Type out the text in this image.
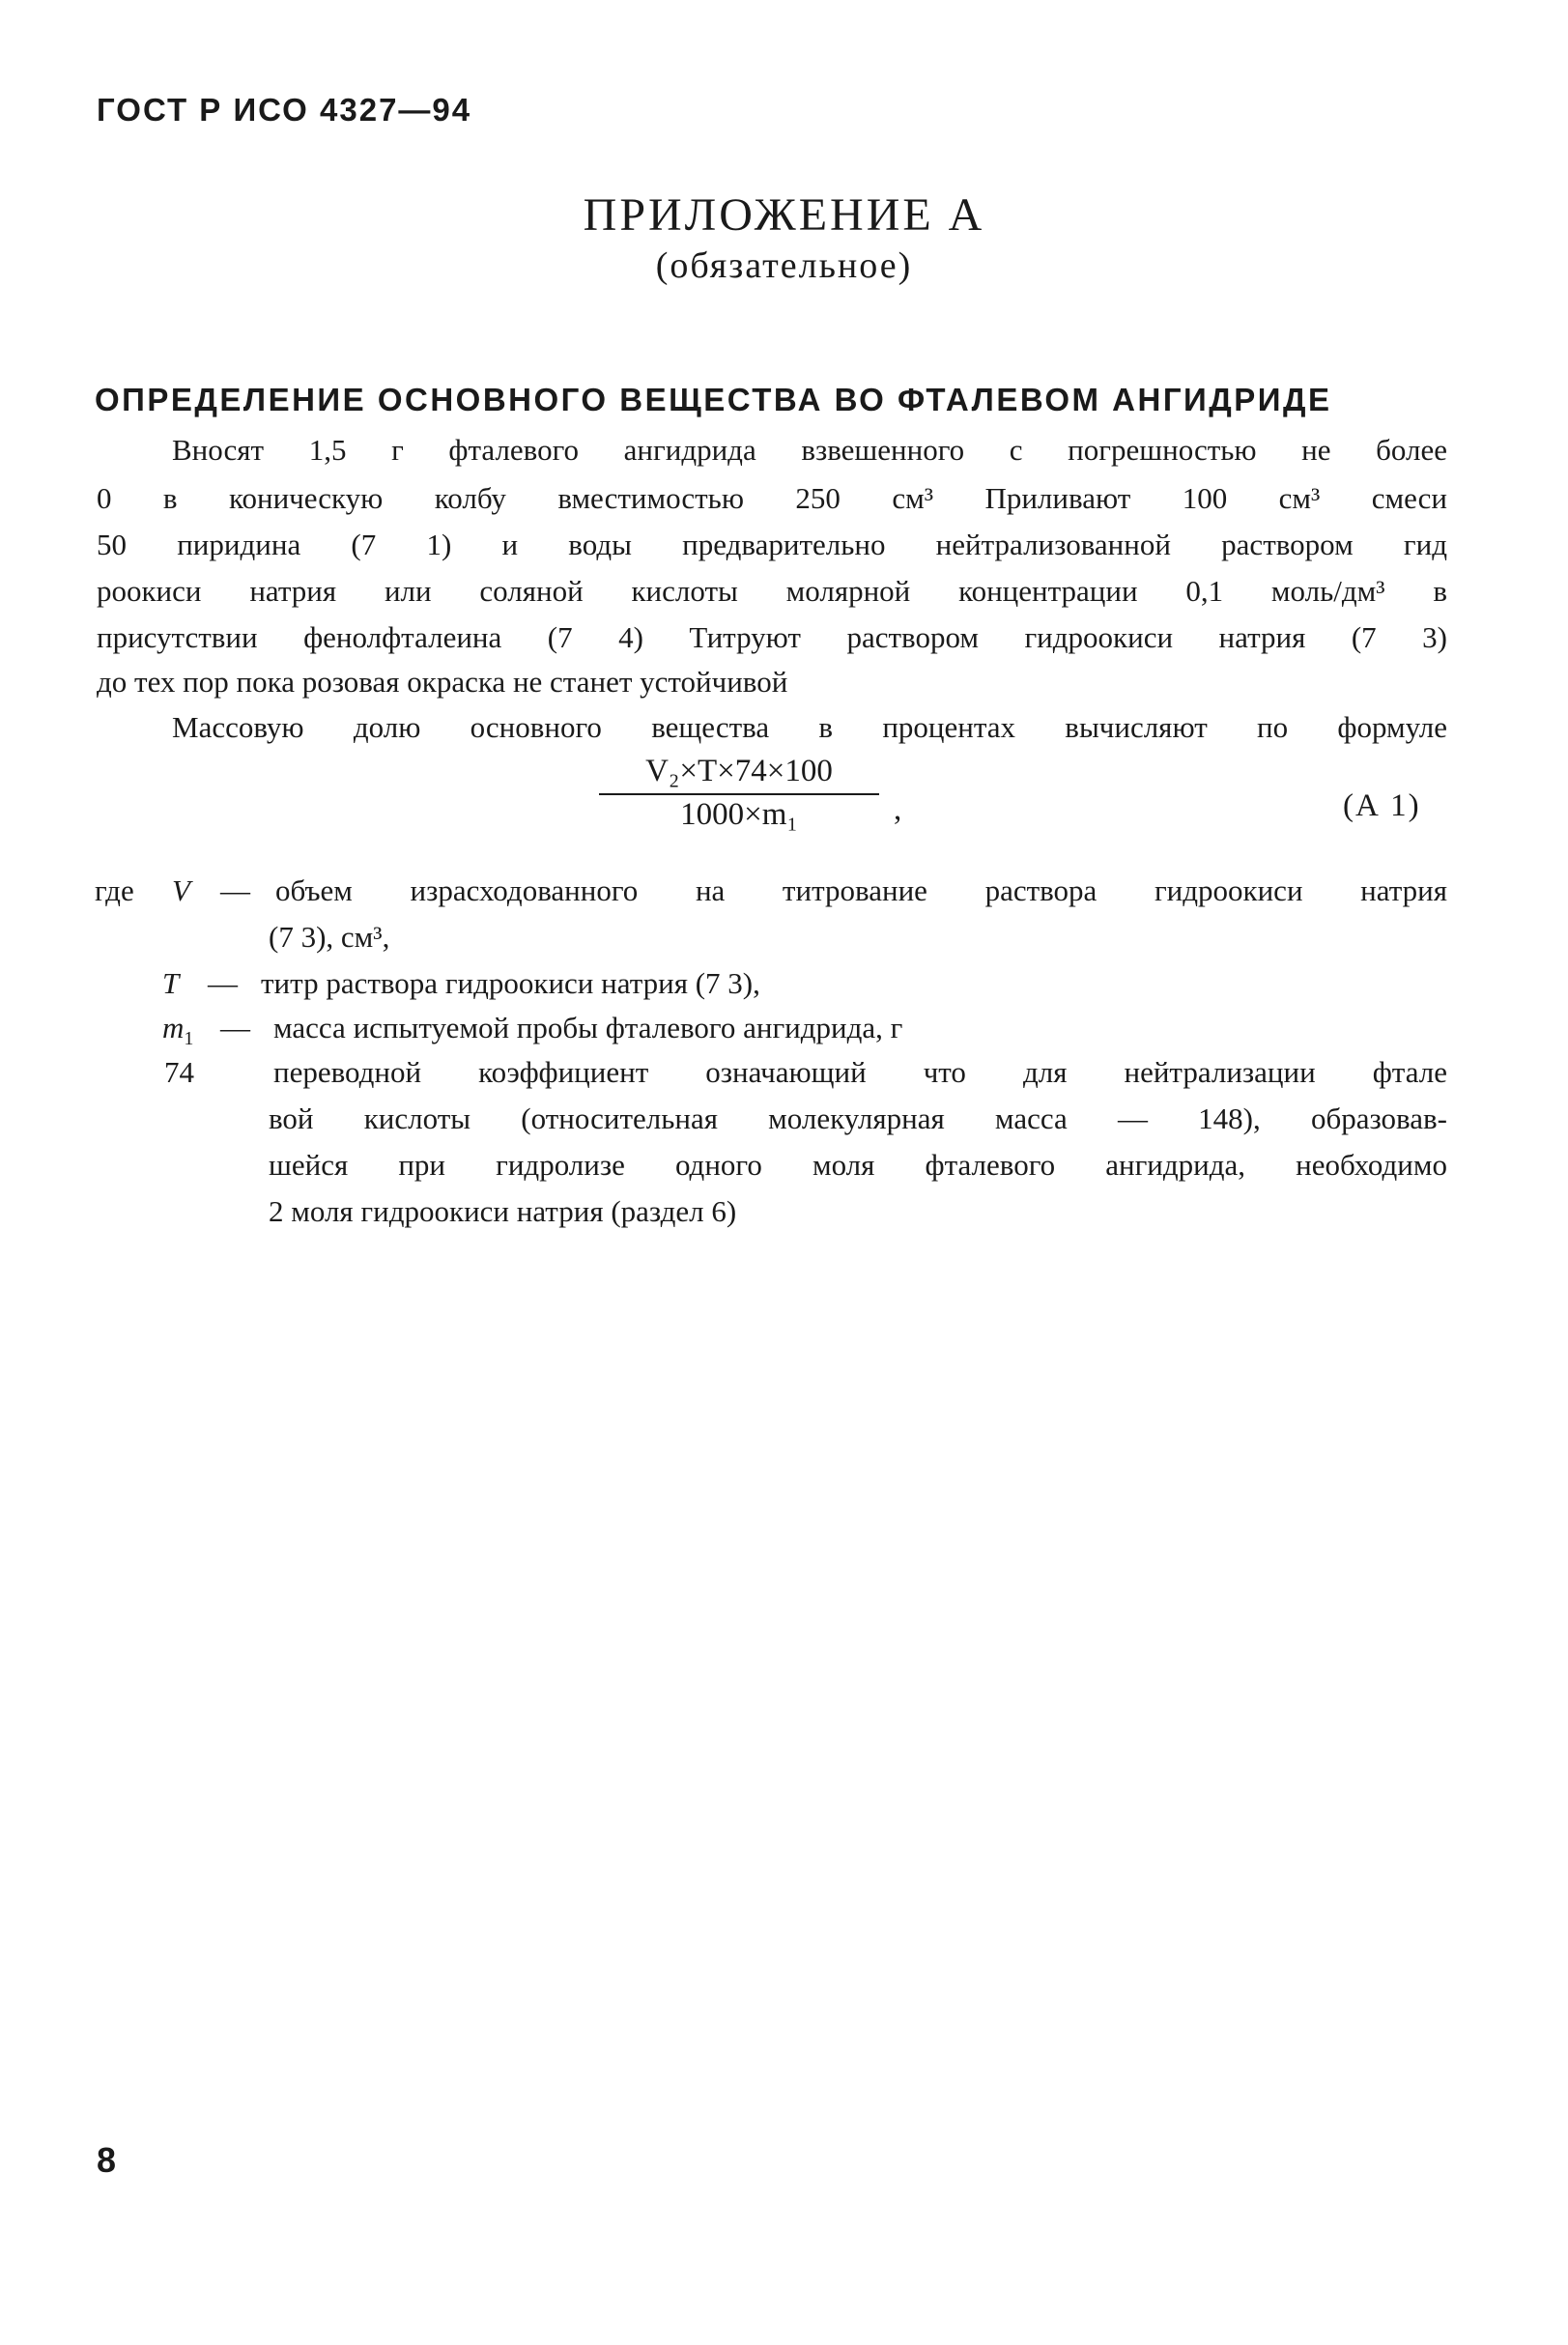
ГОСТ Р ИСО 4327—94
ПРИЛОЖЕНИЕ А
(обязательное)
ОПРЕДЕЛЕНИЕ ОСНОВНОГО ВЕЩЕСТВА ВО ФТАЛЕВОМ АНГИДРИДЕ
Вносят 1,5 г фталевого ангидрида взвешенного с погрешностью не более
0 в коническую колбу вместимостью 250 см³ Приливают 100 см³ смеси
50 пиридина (7 1) и воды предварительно нейтрализованной раствором гид
роокиси натрия или соляной кислоты молярной концентрации 0,1 моль/дм³ в
присутствии фенолфталеина (7 4) Титруют раствором гидроокиси натрия (7 3)
до тех пор пока розовая окраска не станет устойчивой
Массовую долю основного вещества в процентах вычисляют по формуле
V₂×T×74×100
1000×m₁	,	(А 1)
где V — объем израсходованного на титрование раствора гидроокиси натрия
(7 3), см³,
T — титр раствора гидроокиси натрия (7 3),
$m_1$ — масса испытуемой пробы фталевого ангидрида, г
74	переводной коэффициент означающий что для нейтрализации фтале
вой кислоты (относительная молекулярная масса — 148), образовав-
шейся при гидролизе одного моля фталевого ангидрида, необходимо
2 моля гидроокиси натрия (раздел 6)
8
